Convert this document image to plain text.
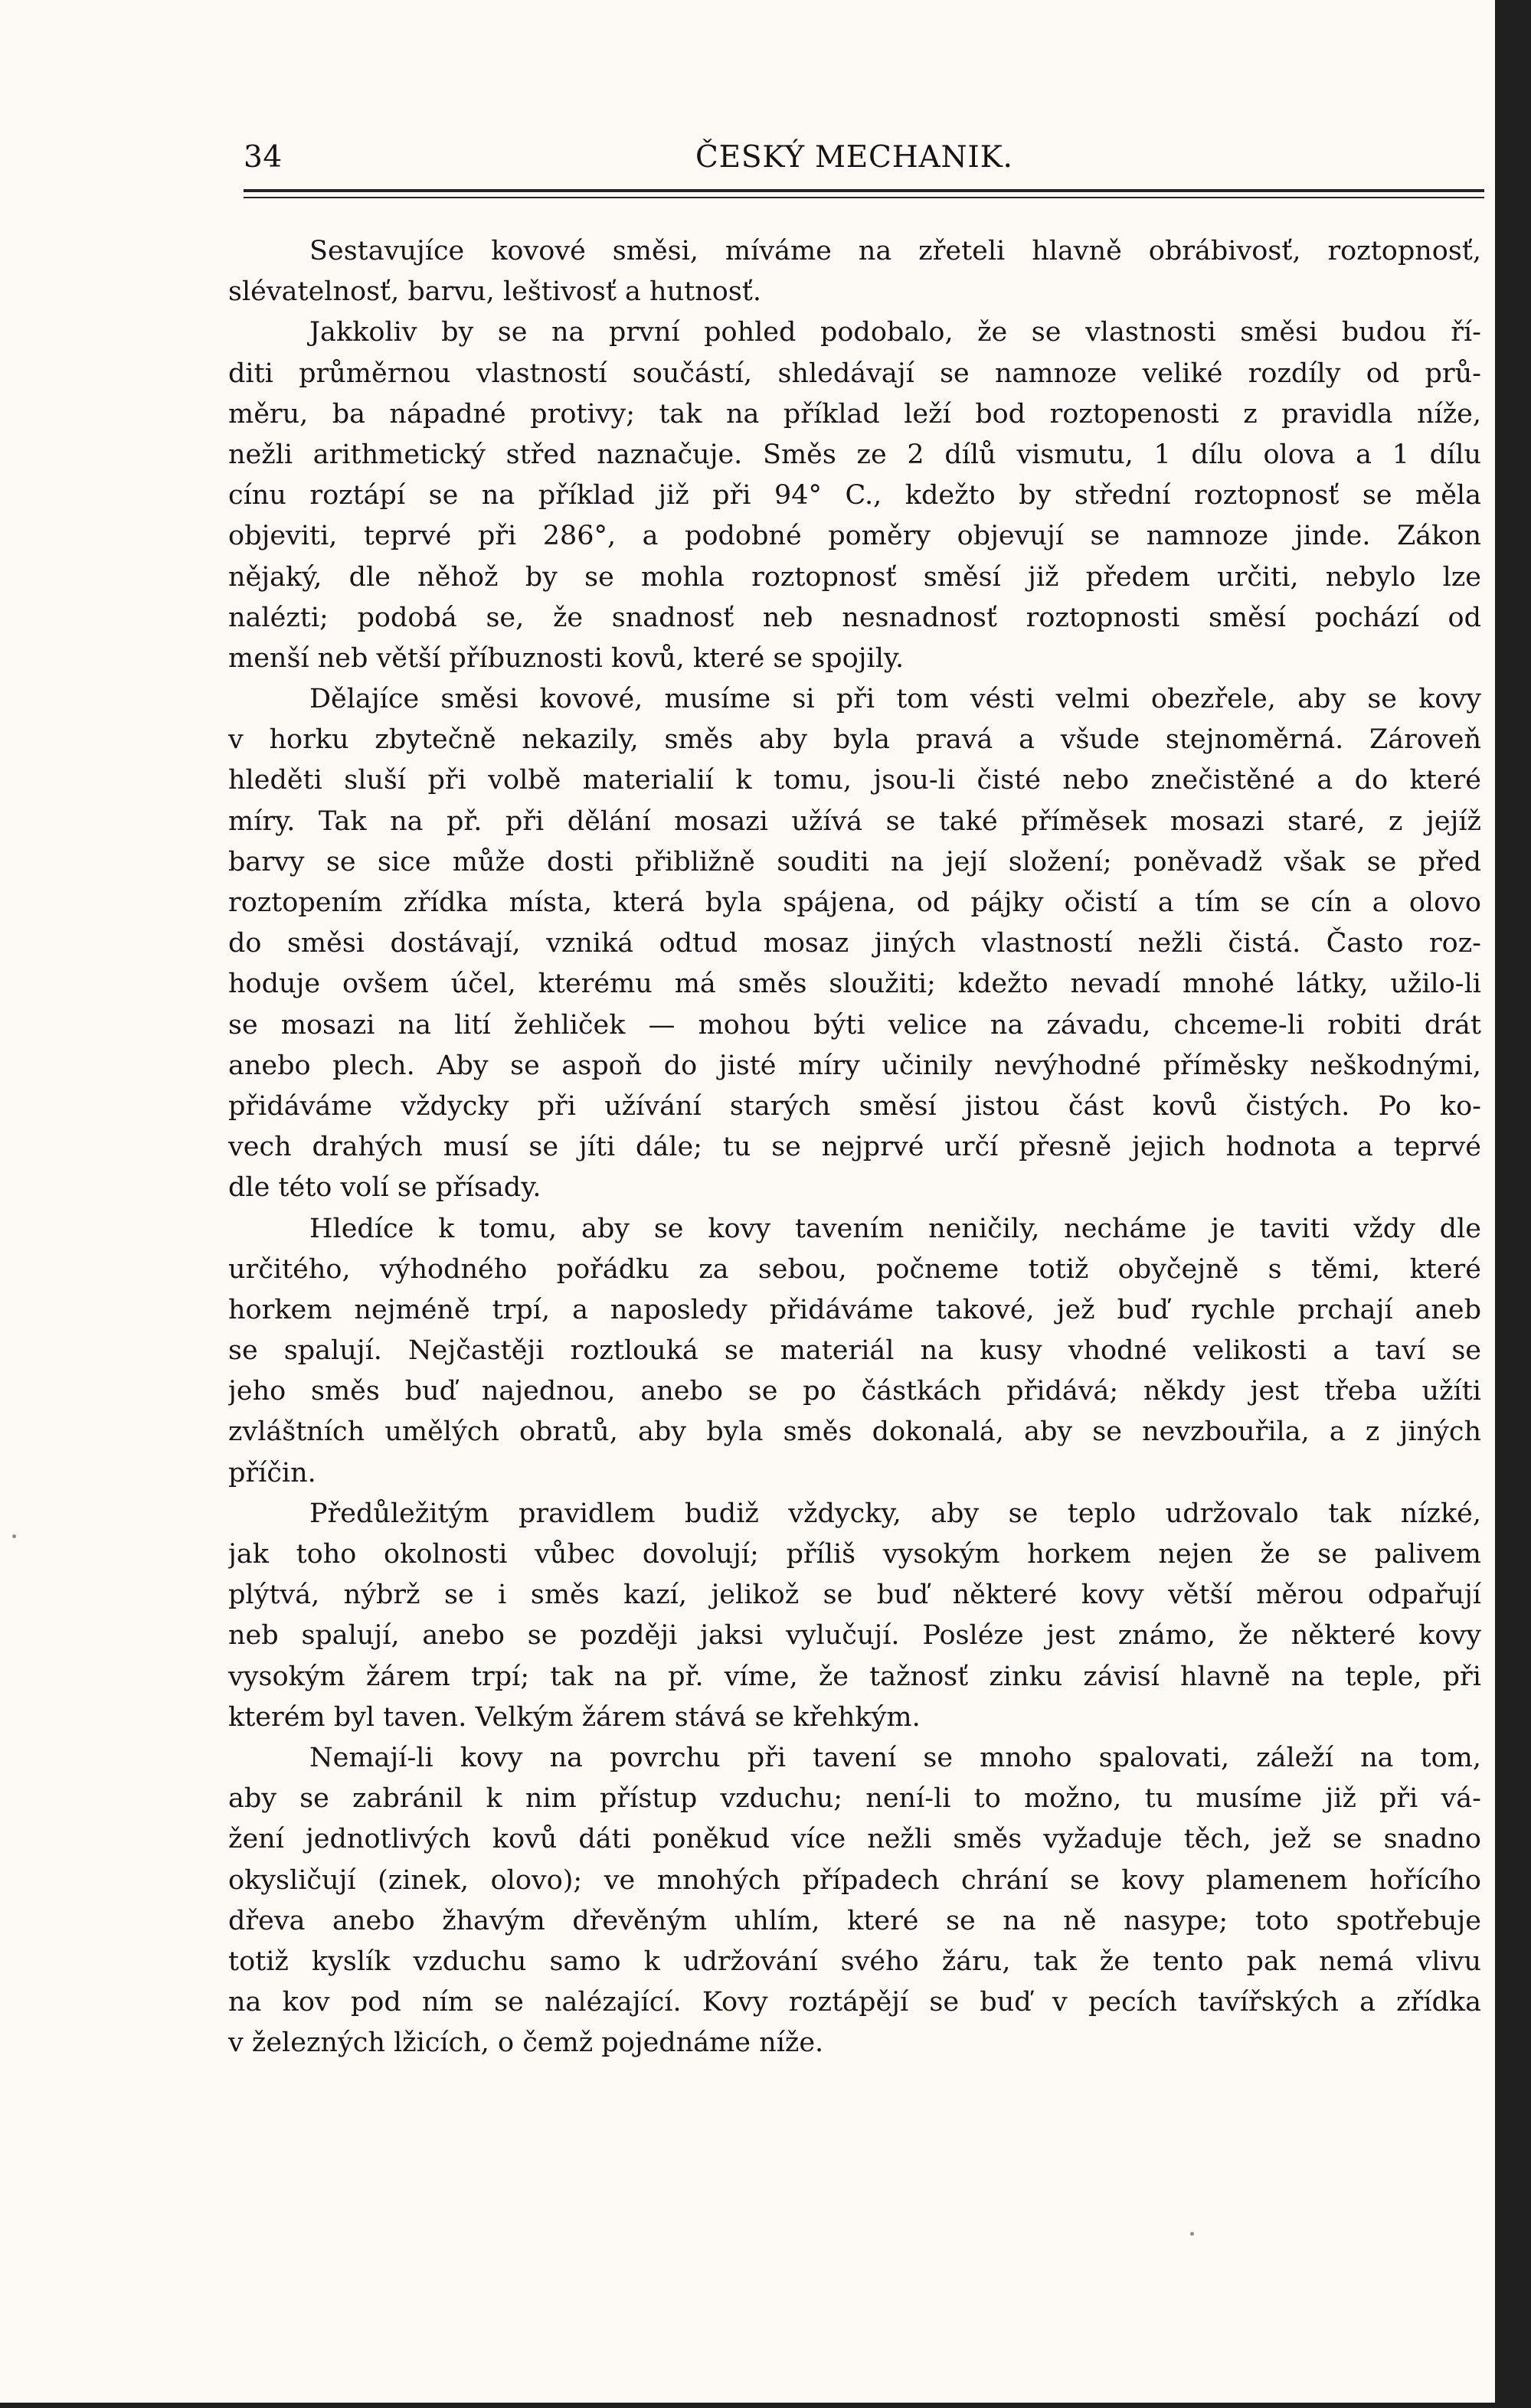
34	ČESKÝ MECHANIK.
Sestavujíce kovové směsi, míváme na zřeteli hlavně obrábivosť, roztopnosť,
slévatelnosť, barvu, leštivosť a hutnosť.
Jakkoliv by se na první pohled podobalo, že se vlastnosti směsi budou ří-
diti průměrnou vlastností součástí, shledávají se namnoze veliké rozdíly od prů-
měru, ba nápadné protivy; tak na příklad leží bod roztopenosti z pravidla níže,
nežli arithmetický střed naznačuje. Směs ze 2 dílů vismutu, 1 dílu olova a 1 dílu
cínu roztápí se na příklad již při 94° C., kdežto by střední roztopnosť se měla
objeviti, teprvé při 286°, a podobné poměry objevují se namnoze jinde. Zákon
nějaký, dle něhož by se mohla roztopnosť směsí již předem určiti, nebylo lze
nalézti; podobá se, že snadnosť neb nesnadnosť roztopnosti směsí pochází od
menší neb větší příbuznosti kovů, které se spojily.
Dělajíce směsi kovové, musíme si při tom vésti velmi obezřele, aby se kovy
v horku zbytečně nekazily, směs aby byla pravá a všude stejnoměrná. Zároveň
hleděti sluší při volbě materialií k tomu, jsou-li čisté nebo znečistěné a do které
míry. Tak na př. při dělání mosazi užívá se také příměsek mosazi staré, z jejíž
barvy se sice může dosti přibližně souditi na její složení; poněvadž však se před
roztopením zřídka místa, která byla spájena, od pájky očistí a tím se cín a olovo
do směsi dostávají, vzniká odtud mosaz jiných vlastností nežli čistá. Často roz-
hoduje ovšem účel, kterému má směs sloužiti; kdežto nevadí mnohé látky, užilo-li
se mosazi na lití žehliček — mohou býti velice na závadu, chceme-li robiti drát
anebo plech. Aby se aspoň do jisté míry učinily nevýhodné příměsky neškodnými,
přidáváme vždycky při užívání starých směsí jistou část kovů čistých. Po ko-
vech drahých musí se jíti dále; tu se nejprvé určí přesně jejich hodnota a teprvé
dle této volí se přísady.
Hledíce k tomu, aby se kovy tavením neničily, necháme je taviti vždy dle
určitého, výhodného pořádku za sebou, počneme totiž obyčejně s těmi, které
horkem nejméně trpí, a naposledy přidáváme takové, jež buď rychle prchají aneb
se spalují. Nejčastěji roztlouká se materiál na kusy vhodné velikosti a taví se
jeho směs buď najednou, anebo se po částkách přidává; někdy jest třeba užíti
zvláštních umělých obratů, aby byla směs dokonalá, aby se nevzbouřila, a z jiných
příčin.
Předůležitým pravidlem budiž vždycky, aby se teplo udržovalo tak nízké,
jak toho okolnosti vůbec dovolují; příliš vysokým horkem nejen že se palivem
plýtvá, nýbrž se i směs kazí, jelikož se buď některé kovy větší měrou odpařují
neb spalují, anebo se později jaksi vylučují. Posléze jest známo, že některé kovy
vysokým žárem trpí; tak na př. víme, že tažnosť zinku závisí hlavně na teple, při
kterém byl taven. Velkým žárem stává se křehkým.
Nemají-li kovy na povrchu při tavení se mnoho spalovati, záleží na tom,
aby se zabránil k nim přístup vzduchu; není-li to možno, tu musíme již při vá-
žení jednotlivých kovů dáti poněkud více nežli směs vyžaduje těch, jež se snadno
okysličují (zinek, olovo); ve mnohých případech chrání se kovy plamenem hořícího
dřeva anebo žhavým dřevěným uhlím, které se na ně nasype; toto spotřebuje
totiž kyslík vzduchu samo k udržování svého žáru, tak že tento pak nemá vlivu
na kov pod ním se nalézající. Kovy roztápějí se buď v pecích tavířských a zřídka
v železných lžicích, o čemž pojednáme níže.
